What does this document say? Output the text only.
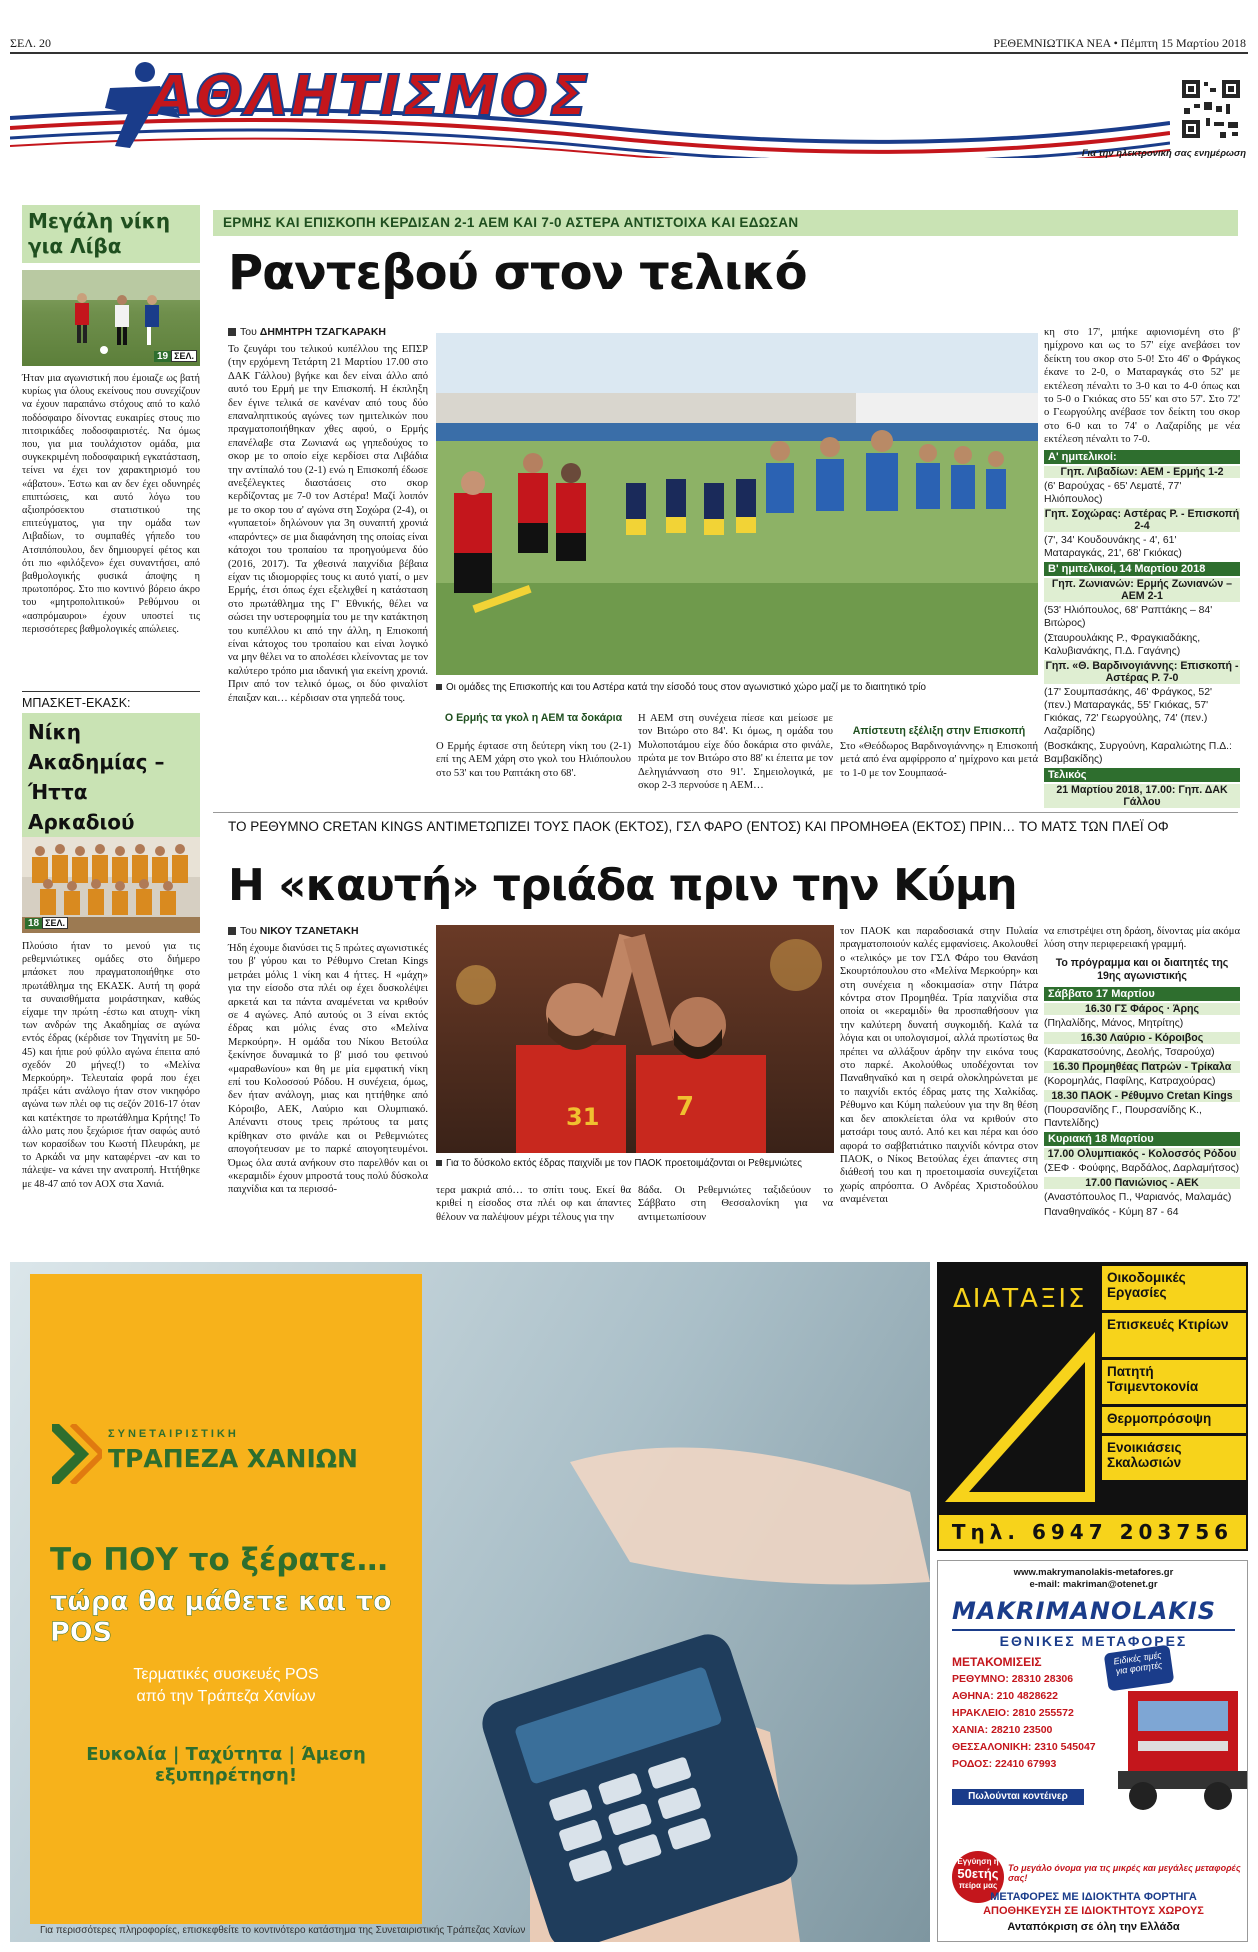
ΣΕΛ. 20	ΡΕΘΕΜΝΙΩΤΙΚΑ ΝΕΑ • Πέμπτη 15 Μαρτίου 2018
ΑΘΛΗΤΙΣΜΟΣ
Για την ηλεκτρονική σας ενημέρωση
Μεγάλη νίκη για Λίβα
19 ΣΕΛ.
Ήταν μια αγωνιστική που έμοιαζε ως βατή κυρίως για όλους εκείνους που συνεχίζουν να έχουν παραπάνω στόχους από το καλό ποδόσφαιρο δίνοντας ευκαιρίες στους πιο πιτσιρικάδες ποδοσφαιριστές. Να όμως που, για μια τουλάχιστον ομάδα, μια συγκεκριμένη ποδοσφαιρική εγκατάσταση, τείνει να έχει τον χαρακτηρισμό του «άβατου». Έστω και αν δεν έχει οδυνηρές επιπτώσεις, και αυτό λόγω του αξιοπρόσεκτου στατιστικού της επιτεύγματος, για την ομάδα των Λιβαδίων, το συμπαθές γήπεδο του Ατσιπόπουλου, δεν δημιουργεί φέτος και ότι πιο «φιλόξενο» έχει συναντήσει, από βαθμολογικής φυσικά άποψης η πρωτοπόρος. Στο πιο κοντινό βόρειο άκρο του «μητροπολιτικού» Ρεθύμνου οι «ασπρόμαυροι» έχουν υποστεί τις περισσότερες βαθμολογικές απώλειες.
ΜΠΑΣΚΕΤ-ΕΚΑΣΚ:
Νίκη Ακαδημίας – Ήττα Αρκαδιού
18 ΣΕΛ.
Πλούσιο ήταν το μενού για τις ρεθεμνιώτικες ομάδες στο διήμερο μπάσκετ που πραγματοποιήθηκε στο πρωτάθλημα της ΕΚΑΣΚ. Αυτή τη φορά τα συναισθήματα μοιράστηκαν, καθώς είχαμε την πρώτη -έστω και ατυχη- νίκη των ανδρών της Ακαδημίας σε αγώνα εντός έδρας (κέρδισε τον Τηγανίτη με 50-45) και ήπιε ρού φύλλο αγώνα έπειτα από σχεδόν 20 μήνες(!) το «Μελίνα Μερκούρη». Τελευταία φορά που έχει πράξει κάτι ανάλογο ήταν στον νικηφόρο αγώνα των πλέι οφ τις σεζόν 2016-17 όταν και κατέκτησε το πρωτάθλημα Κρήτης! Το άλλο ματς που ξεχώρισε ήταν σαφώς αυτό των κορασίδων του Κωστή Πλευράκη, με το Αρκάδι να μην καταφέρνει -αν και το πάλεψε- να κάνει την ανατροπή. Ηττήθηκε με 48-47 από τον ΑΟΧ στα Χανιά.
ΕΡΜΗΣ ΚΑΙ ΕΠΙΣΚΟΠΗ ΚΕΡΔΙΣΑΝ 2-1 ΑΕΜ ΚΑΙ 7-0 ΑΣΤΕΡΑ ΑΝΤΙΣΤΟΙΧΑ ΚΑΙ ΕΔΩΣΑΝ
Ραντεβού στον τελικό
Του ΔΗΜΗΤΡΗ ΤΖΑΓΚΑΡΑΚΗ
Το ζευγάρι του τελικού κυπέλλου της ΕΠΣΡ (την ερχόμενη Τετάρτη 21 Μαρτίου 17.00 στο ΔΑΚ Γάλλου) βγήκε και δεν είναι άλλο από αυτό του Ερμή με την Επισκοπή. Η έκπληξη δεν έγινε τελικά σε κανέναν από τους δύο επαναληπτικούς αγώνες των ημιτελικών που πραγματοποιήθηκαν χθες αφού, ο Ερμής επανέλαβε στα Ζωνιανά ως γηπεδούχος το σκορ με το οποίο είχε κερδίσει στα Λιβάδια την αντίπαλό του (2-1) ενώ η Επισκοπή έδωσε ανεξέλεγκτες διαστάσεις στο σκορ κερδίζοντας με 7-0 τον Αστέρα! Μαζί λοιπόν με το σκορ του α' αγώνα στη Σοχώρα (2-4), οι «γυπαετοί» δηλώνουν για 3η συναπτή χρονιά «παρόντες» σε μια διαφάνηση της οποίας είναι κάτοχοι του τροπαίου τα προηγούμενα δύο (2016, 2017). Τα χθεσινά παιχνίδια βέβαια είχαν τις ιδιομορφίες τους κι αυτό γιατί, ο μεν Ερμής, έτσι όπως έχει εξελιχθεί η κατάσταση στο πρωτάθλημα της Γ' Εθνικής, θέλει να σώσει την υστεροφημία του με την κατάκτηση του κυπέλλου κι από την άλλη, η Επισκοπή είναι κάτοχος του τροπαίου και είναι λογικό να μην θέλει να το απολέσει κλείνοντας με τον καλύτερο τρόπο μια ιδανική για εκείνη χρονιά. Πριν από τον τελικό όμως, οι δύο φιναλίστ έπαιξαν και… κέρδισαν στα γηπεδά τους.
Οι ομάδες της Επισκοπής και του Αστέρα κατά την είσοδό τους στον αγωνιστικό χώρο μαζί με το διαιτητικό τρίο
Ο Ερμής τα γκολ η ΑΕΜ τα δοκάρια
Ο Ερμής έφτασε στη δεύτερη νίκη του (2-1) επί της ΑΕΜ χάρη στο γκολ του Ηλιόπουλου στο 53' και του Ραπτάκη στο 68'.
Η ΑΕΜ στη συνέχεια πίεσε και μείωσε με τον Βιτώρο στο 84'. Κι όμως, η ομάδα του Μυλοποτάμου είχε δύο δοκάρια στο φινάλε, πρώτα με τον Βιτώρο στο 88' κι έπειτα με τον Δεληγιάνναση στο 91'. Σημειολογικά, με σκορ 2-3 περνούσε η ΑΕΜ…
Απίστευτη εξέλιξη στην Επισκοπή
Στο «Θεόδωρος Βαρδινογιάννης» η Επισκοπή μετά από ένα αμφίρροπο α' ημίχρονο και μετά το 1-0 με τον Σουμπασά-
κη στο 17', μπήκε αφιονισμένη στο β' ημίχρονο και ως το 57' είχε ανεβάσει τον δείκτη του σκορ στο 5-0! Στο 46' ο Φράγκος έκανε το 2-0, ο Ματαραγκάς στο 52' με εκτέλεση πέναλτι το 3-0 και το 4-0 όπως και το 5-0 ο Γκιόκας στο 55' και στο 57'. Στο 72' ο Γεωργούλης ανέβασε τον δείκτη του σκορ στο 6-0 και το 74' ο Λαζαρίδης με νέα εκτέλεση πέναλτι το 7-0.
Α' ημιτελικοί:
Γηπ. Λιβαδίων: ΑΕΜ - Ερμής 1-2
(6' Βαρούχας - 65' Λεματέ, 77' Ηλιόπουλος)
Γηπ. Σοχώρας: Αστέρας Ρ. - Επισκοπή 2-4
(7', 34' Κουδουνάκης - 4', 61' Ματαραγκάς, 21', 68' Γκιόκας)
Β' ημιτελικοί, 14 Μαρτίου 2018
Γηπ. Ζωνιανών: Ερμής Ζωνιανών – ΑΕΜ 2-1
(53' Ηλιόπουλος, 68' Ραπτάκης – 84' Βιτώρος)
(Σταυρουλάκης Ρ., Φραγκιαδάκης, Καλυβιανάκης, Π.Δ. Γαγάνης)
Γηπ. «Θ. Βαρδινογιάννης: Επισκοπή - Αστέρας Ρ. 7-0
(17' Σουμπασάκης, 46' Φράγκος, 52' (πεν.) Ματαραγκάς, 55' Γκιόκας, 57' Γκιόκας, 72' Γεωργούλης, 74' (πεν.) Λαζαρίδης)
(Βοσκάκης, Συργούνη, Καραλιώτης Π.Δ.: Βαμβακίδης)
Τελικός
21 Μαρτίου 2018, 17.00: Γηπ. ΔΑΚ Γάλλου
ΤΟ ΡΕΘΥΜΝΟ CRETAN KINGS ΑΝΤΙΜΕΤΩΠΙΖΕΙ ΤΟΥΣ ΠΑΟΚ (ΕΚΤΟΣ), ΓΣΛ ΦΑΡΟ (ΕΝΤΟΣ) ΚΑΙ ΠΡΟΜΗΘΕΑ (ΕΚΤΟΣ) ΠΡΙΝ… ΤΟ ΜΑΤΣ ΤΩΝ ΠΛΕΪ ΟΦ
Η «καυτή» τριάδα πριν την Κύμη
Του ΝΙΚΟΥ ΤΖΑΝΕΤΑΚΗ
Ήδη έχουμε διανύσει τις 5 πρώτες αγωνιστικές του β' γύρου και το Ρέθυμνο Cretan Kings μετράει μόλις 1 νίκη και 4 ήττες. Η «μάχη» για την είσοδο στα πλέι οφ έχει δυσκολέψει αρκετά και τα πάντα αναμένεται να κριθούν σε 4 αγώνες. Από αυτούς οι 3 είναι εκτός έδρας και μόλις ένας στο «Μελίνα Μερκούρη». Η ομάδα του Νίκου Βετούλα ξεκίνησε δυναμικά το β' μισό του φετινού «μαραθωνίου» και θη με μία εμφατική νίκη επί του Κολοσσού Ρόδου. Η συνέχεια, όμως, δεν ήταν ανάλογη, μιας και ηττήθηκε από Κόροιβο, ΑΕΚ, Λαύριο και Ολυμπιακό. Απέναντι στους τρεις πρώτους τα ματς κρίθηκαν στο φινάλε και οι Ρεθεμνιώτες απογοήτευσαν με το παρκέ απογοητευμένοι. Όμως όλα αυτά ανήκουν στο παρελθόν και οι «κεραμιδί» έχουν μπροστά τους πολύ δύσκολα παιχνίδια και τα περισσό-
7
31
Για το δύσκολο εκτός έδρας παιχνίδι με τον ΠΑΟΚ προετοιμάζονται οι Ρεθεμνιώτες
τερα μακριά από… το σπίτι τους. Εκεί θα κριθεί η είσοδος στα πλέι οφ και άπαντες θέλουν να παλέψουν μέχρι τέλους για την
8άδα. Οι Ρεθεμνιώτες ταξιδεύουν το Σάββατο στη Θεσσαλονίκη για να αντιμετωπίσουν
τον ΠΑΟΚ και παραδοσιακά στην Πυλαία πραγματοποιούν καλές εμφανίσεις. Ακολουθεί ο «τελικός» με τον ΓΣΛ Φάρο του Θανάση Σκουρτόπουλου στο «Μελίνα Μερκούρη» και στη συνέχεια η «δοκιμασία» στην Πάτρα κόντρα στον Προμηθέα. Τρία παιχνίδια στα οποία οι «κεραμιδί» θα προσπαθήσουν για την καλύτερη δυνατή συγκομιδή. Καλά τα λόγια και οι υπολογισμοί, αλλά πρωτίστως θα πρέπει να αλλάξουν άρδην την εικόνα τους στο παρκέ. Ακολούθως υποδέχονται τον Παναθηναϊκό και η σειρά ολοκληρώνεται με το παιχνίδι εκτός έδρας ματς της Χαλκίδας. Ρέθυμνο και Κύμη παλεύουν για την 8η θέση και δεν αποκλείεται όλα να κριθούν στο ματσάρι τους αυτό. Από κει και πέρα και όσο αφορά το σαββατιάτικο παιχνίδι κόντρα στον ΠΑΟΚ, ο Νίκος Βετούλας έχει άπαντες στη διάθεσή του και η προετοιμασία συνεχίζεται χωρίς απρόοπτα. Ο Ανδρέας Χριστοδούλου αναμένεται
να επιστρέψει στη δράση, δίνοντας μία ακόμα λύση στην περιφερειακή γραμμή.
Το πρόγραμμα και οι διαιτητές της 19ης αγωνιστικής
Σάββατο 17 Μαρτίου
16.30 ΓΣ Φάρος · Άρης
(Πηλαλίδης, Μάνος, Μητρίτης)
16.30 Λαύριο - Κόροιβος
(Καρακατσούνης, Δεολής, Τσαρούχα)
16.30 Προμηθέας Πατρών - Τρίκαλα
(Κορομηλάς, Παφίλης, Κατραχούρας)
18.30 ΠΑΟΚ - Ρέθυμνο Cretan Kings
(Πουρσανίδης Γ., Πουρσανίδης Κ., Παντελίδης)
Κυριακή 18 Μαρτίου
17.00 Ολυμπιακός - Κολοσσός Ρόδου
(ΣΕΦ · Φούφης, Βαρδάλος, Δαρλαμήτσος)
17.00 Πανιώνιος - ΑΕΚ
(Αναστόπουλος Π., Ψαριανός, Μαλαμάς)
Παναθηναϊκός - Κύμη 87 - 64
ΣΥΝΕΤΑΙΡΙΣΤΙΚΗ
ΤΡΑΠΕΖΑ ΧΑΝΙΩΝ
Το ΠΟΥ το ξέρατε…
τώρα θα μάθετε και το POS
Τερματικές συσκευές POS
από την Τράπεζα Χανίων
Ευκολία | Ταχύτητα | Άμεση εξυπηρέτηση!
Για περισσότερες πληροφορίες, επισκεφθείτε το κοντινότερο κατάστημα της Συνεταιριστικής Τράπεζας Χανίων
ΔΙΑΤΑΞΙΣ
Οικοδομικές Εργασίες
Επισκευές Κτιρίων
Πατητή Τσιμεντοκονία
Θερμοπρόσοψη
Ενοικιάσεις Σκαλωσιών
Τηλ. 6947 203756
www.makrymanolakis-metafores.gr
e-mail: makriman@otenet.gr
MAKRIMANOLAKIS
ΕΘΝΙΚΕΣ ΜΕΤΑΦΟΡΕΣ
ΜΕΤΑΚΟΜΙΣΕΙΣ	Ειδικές τιμές για φοιτητές
ΡΕΘΥΜΝΟ: 28310 28306
ΑΘΗΝΑ: 210 4828622
ΗΡΑΚΛΕΙΟ: 2810 255572
ΧΑΝΙΑ: 28210 23500
ΘΕΣΣΑΛΟΝΙΚΗ: 2310 545047
ΡΟΔΟΣ: 22410 67993
Πωλούνται κοντέινερ
Εγγύηση η
50ετής
πείρα μας
Το μεγάλο όνομα για τις μικρές και μεγάλες μεταφορές σας!
ΜΕΤΑΦΟΡΕΣ ΜΕ ΙΔΙΟΚΤΗΤΑ ΦΟΡΤΗΓΑ
ΑΠΟΘΗΚΕΥΣΗ ΣΕ ΙΔΙΟΚΤΗΤΟΥΣ ΧΩΡΟΥΣ
Ανταπόκριση σε όλη την Ελλάδα
